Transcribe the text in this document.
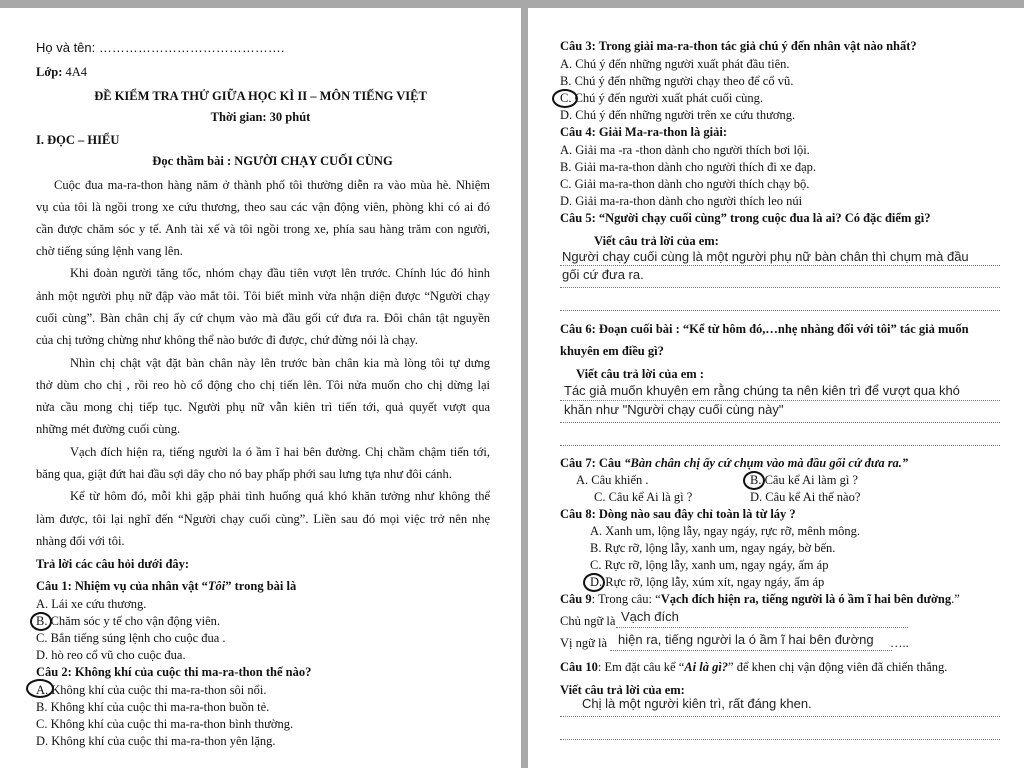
Họ và tên: …………………………………….
Lớp: 4A4
ĐỀ KIỂM TRA THỬ GIỮA HỌC KÌ II – MÔN TIẾNG VIỆT
Thời gian: 30 phút
I. ĐỌC – HIỂU
Đọc thầm bài : NGƯỜI CHẠY CUỐI CÙNG
Cuộc đua ma-ra-thon hàng năm ở thành phố tôi thường diễn ra vào mùa hè. Nhiệm
vụ của tôi là ngồi trong xe cứu thương, theo sau các vận động viên, phòng khi có ai đó
cần được chăm sóc y tế. Anh tài xế và tôi ngồi trong xe, phía sau hàng trăm con người,
chờ tiếng súng lệnh vang lên.
Khi đoàn người tăng tốc, nhóm chạy đầu tiên vượt lên trước. Chính lúc đó hình
ảnh một người phụ nữ đập vào mắt tôi. Tôi biết mình vừa nhận diện được “Người chạy
cuối cùng”. Bàn chân chị ấy cứ chụm vào mà đầu gối cứ đưa ra. Đôi chân tật nguyền
của chị tưởng chừng như không thể nào bước đi được, chứ đừng nói là chạy.
Nhìn chị chật vật đặt bàn chân này lên trước bàn chân kia mà lòng tôi tự dưng
thở dùm cho chị , rồi reo hò cổ động cho chị tiến lên. Tôi nửa muốn cho chị dừng lại
nửa cầu mong chị tiếp tục. Người phụ nữ vẫn kiên trì tiến tới, quả quyết vượt qua
những mét đường cuối cùng.
Vạch đích hiện ra, tiếng người la ó ầm ĩ hai bên đường. Chị chầm chậm tiến tới,
băng qua, giật đứt hai đầu sợi dây cho nó bay phấp phới sau lưng tựa như đôi cánh.
Kể từ hôm đó, mỗi khi gặp phải tình huống quá khó khăn tưởng như không thể
làm được, tôi lại nghĩ đến “Người chạy cuối cùng”. Liền sau đó mọi việc trở nên nhẹ
nhàng đối với tôi.
Trả lời các câu hỏi dưới đây:
Câu 1: Nhiệm vụ của nhân vật “Tôi” trong bài là
A. Lái xe cứu thương.
B. Chăm sóc y tế cho vận động viên.
C. Bắn tiếng súng lệnh cho cuộc đua .
D. hò reo cổ vũ cho cuộc đua.
Câu 2: Không khí của cuộc thi ma-ra-thon thế nào?
A. Không khí của cuộc thi ma-ra-thon sôi nổi.
B. Không khí của cuộc thi ma-ra-thon buồn tẻ.
C. Không khí của cuộc thi ma-ra-thon bình thường.
D. Không khí của cuộc thi ma-ra-thon yên lặng.
Câu 3: Trong giải ma-ra-thon tác giả chú ý đến nhân vật nào nhất?
A. Chú ý đến những người xuất phát đầu tiên.
B. Chú ý đến những người chạy theo để cổ vũ.
C. Chú ý đến người xuất phát cuối cùng.
D. Chú ý đến những người trên xe cứu thương.
Câu 4: Giải Ma-ra-thon là giải:
A. Giải ma -ra -thon dành cho người thích bơi lội.
B. Giải ma-ra-thon dành cho người thích đi xe đạp.
C. Giải ma-ra-thon dành cho người thích chạy bộ.
D. Giải ma-ra-thon dành cho người thích leo núi
Câu 5: “Người chạy cuối cùng” trong cuộc đua là ai? Có đặc điểm gì?
Viết câu trả lời của em:
Người chạy cuối cùng là một người phụ nữ bàn chân thì chụm mà đầu
gối cứ đưa ra.
Câu 6: Đoạn cuối bài : “Kể từ hôm đó,…nhẹ nhàng đối với tôi” tác giả muốn
khuyên em điều gì?
Viết câu trả lời của em :
Tác giả muốn khuyên em rằng chúng ta nên kiên trì để vượt qua khó
khăn như "Người chạy cuối cùng này"
Câu 7: Câu “Bàn chân chị ấy cứ chụm vào mà đầu gối cứ đưa ra.”
A. Câu khiến .	B. Câu kể Ai làm gì ?
C. Câu kể Ai là gì ?	D. Câu kể Ai thế nào?
Câu 8: Dòng nào sau đây chỉ toàn là từ láy ?
A. Xanh um, lộng lẫy, ngay ngáy, rực rỡ, mênh mông.
B. Rực rỡ, lộng lẫy, xanh um, ngay ngáy, bờ bến.
C. Rực rỡ, lộng lẫy, xanh um, ngay ngáy, ấm áp
D. Rực rỡ, lộng lẫy, xúm xít, ngay ngáy, ấm áp
Câu 9: Trong câu: “Vạch đích hiện ra, tiếng người là ó ầm ĩ hai bên đường.”
Chủ ngữ là Vạch đích
Vị ngữ là hiện ra, tiếng người la ó ầm ĩ hai bên đường …..
Câu 10: Em đặt câu kể “Ai là gì?” để khen chị vận động viên đã chiến thắng.
Viết câu trả lời của em:
Chị là một người kiên trì, rất đáng khen.
